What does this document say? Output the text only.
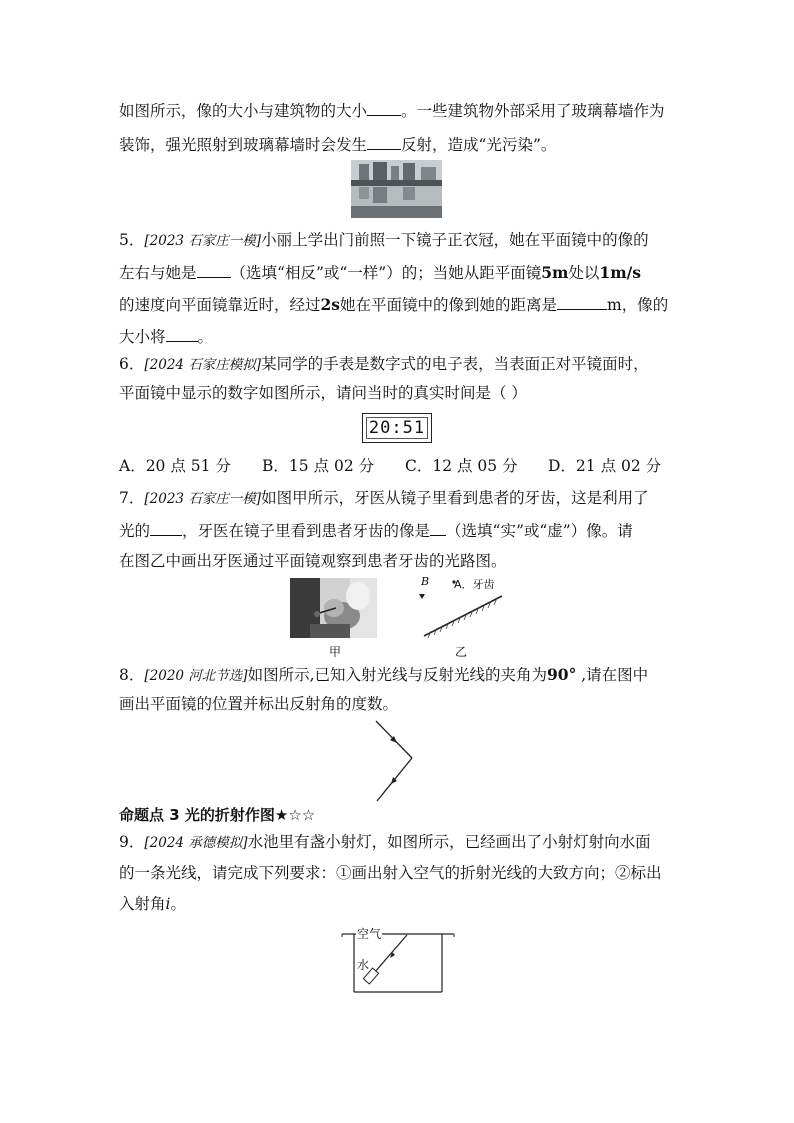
如图所示，像的大小与建筑物的大小 。一些建筑物外部采用了玻璃幕墙作为
装饰，强光照射到玻璃幕墙时会发生 反射，造成“光污染”。
5．[2023 石家庄一模]小丽上学出门前照一下镜子正衣冠，她在平面镜中的像的
左右与她是 （选填“相反”或“一样”）的；当她从距平面镜5m处以1m/s
的速度向平面镜靠近时，经过2s她在平面镜中的像到她的距离是	m，像的
大小将 。
6．[2024 石家庄模拟]某同学的手表是数字式的电子表，当表面正对平镜面时，
平面镜中显示的数字如图所示，请问当时的真实时间是（ ）
20:51
A．20 点 51 分 B．15 点 02 分 C．12 点 05 分 D．21 点 02 分
7．[2023 石家庄一模]如图甲所示，牙医从镜子里看到患者的牙齿，这是利用了
光的 ，牙医在镜子里看到患者牙齿的像是 （选填“实”或“虚”）像。请
在图乙中画出牙医通过平面镜观察到患者牙齿的光路图。
甲
B A．牙齿
乙
8．[2020 河北节选]如图所示,已知入射光线与反射光线的夹角为90° ,请在图中
画出平面镜的位置并标出反射角的度数。
命题点 3 光的折射作图★☆☆
9．[2024 承德模拟]水池里有盏小射灯，如图所示，已经画出了小射灯射向水面
的一条光线，请完成下列要求：①画出射入空气的折射光线的大致方向；②标出
入射角i。
空气
水
